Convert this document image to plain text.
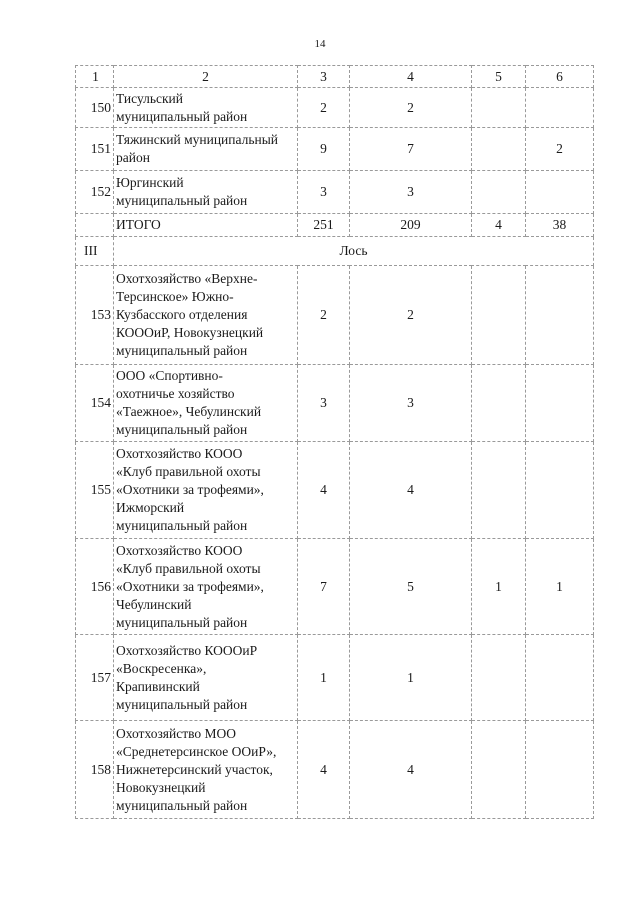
14
1	2	3	4	5	6
150	Тисульский
муниципальный район	2	2		
151	Тяжинский муниципальный
район	9	7		2
152	Юргинский
муниципальный район	3	3		
	ИТОГО	251	209	4	38
III	Лось				
153	Охотхозяйство «Верхне-
Терсинское» Южно-
Кузбасского отделения
КОООиР, Новокузнецкий
муниципальный район	2	2		
154	ООО «Спортивно-
охотничье хозяйство
«Таежное», Чебулинский
муниципальный район	3	3		
155	Охотхозяйство КООО
«Клуб правильной охоты
«Охотники за трофеями»,
Ижморский
муниципальный район	4	4		
156	Охотхозяйство КООО
«Клуб правильной охоты
«Охотники за трофеями»,
Чебулинский
муниципальный район	7	5	1	1
157	Охотхозяйство КОООиР
«Воскресенка»,
Крапивинский
муниципальный район	1	1		
158	Охотхозяйство МОО
«Среднетерсинское ООиР»,
Нижнетерсинский участок,
Новокузнецкий
муниципальный район	4	4		
